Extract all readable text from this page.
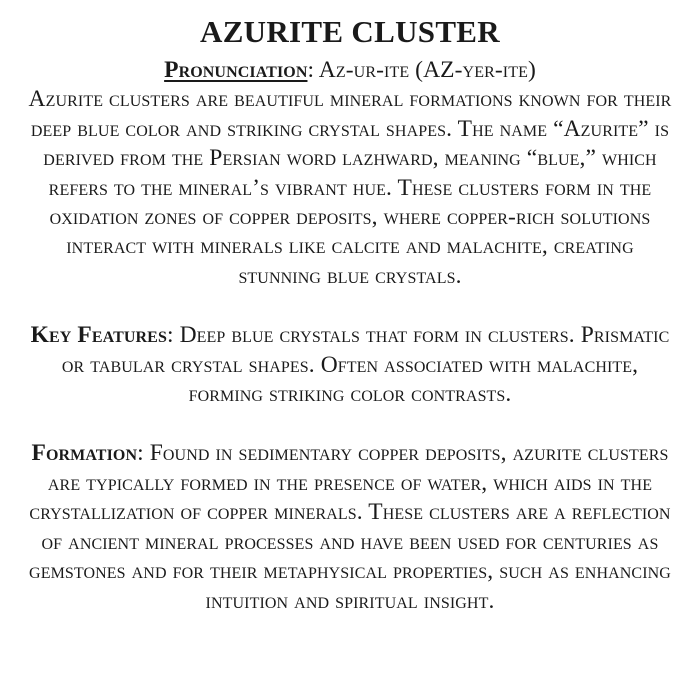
AZURITE CLUSTER

Pronunciation: Az-ur-ite (AZ-yer-ite)

Azurite clusters are beautiful mineral formations known for their deep blue color and striking crystal shapes. The name “Azurite” is derived from the Persian word lazhward, meaning “blue,” which refers to the mineral’s vibrant hue. These clusters form in the oxidation zones of copper deposits, where copper-rich solutions interact with minerals like calcite and malachite, creating stunning blue crystals.

Key Features: Deep blue crystals that form in clusters. Prismatic or tabular crystal shapes. Often associated with malachite, forming striking color contrasts.

Formation: Found in sedimentary copper deposits, azurite clusters are typically formed in the presence of water, which aids in the crystallization of copper minerals. These clusters are a reflection of ancient mineral processes and have been used for centuries as gemstones and for their metaphysical properties, such as enhancing intuition and spiritual insight.
